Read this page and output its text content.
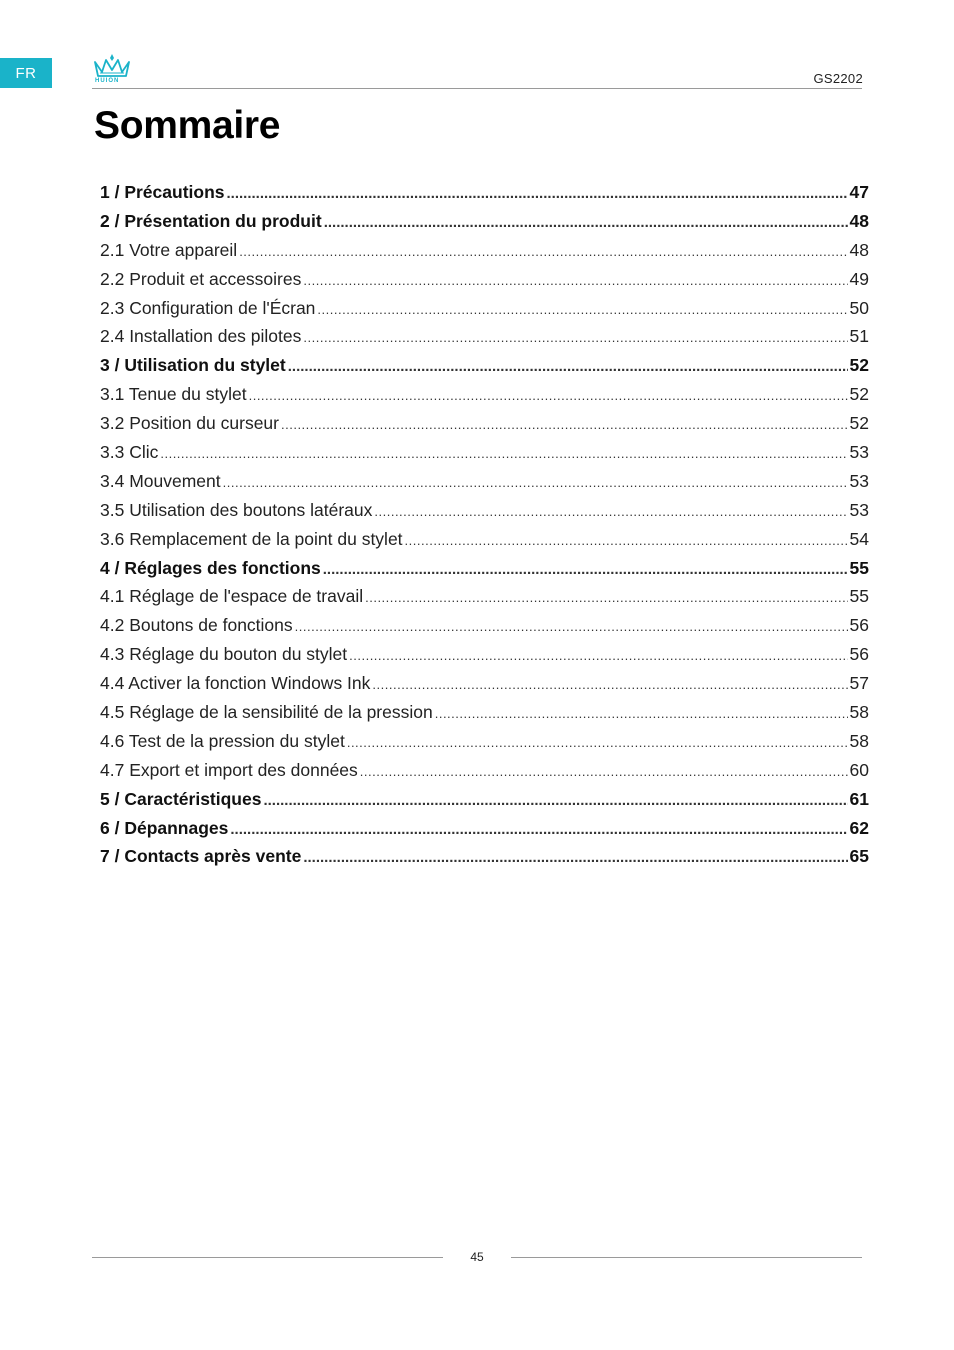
FR	HUION	GS2202
Sommaire
1 / Précautions .....	47
2 / Présentation du produit .....	48
2.1 Votre appareil .....	48
2.2 Produit et accessoires .....	49
2.3 Configuration de l'Écran .....	50
2.4 Installation des pilotes .....	51
3 / Utilisation du stylet .....	52
3.1 Tenue du stylet .....	52
3.2 Position du curseur .....	52
3.3 Clic .....	53
3.4 Mouvement .....	53
3.5 Utilisation des boutons latéraux .....	53
3.6 Remplacement de la point du stylet .....	54
4 / Réglages des fonctions .....	55
4.1 Réglage de l'espace de travail .....	55
4.2 Boutons de fonctions .....	56
4.3 Réglage du bouton du stylet .....	56
4.4 Activer la fonction Windows Ink .....	57
4.5 Réglage de la sensibilité de la pression .....	58
4.6 Test de la pression du stylet .....	58
4.7 Export et import des données .....	60
5 / Caractéristiques .....	61
6 / Dépannages .....	62
7 / Contacts après vente .....	65
45
